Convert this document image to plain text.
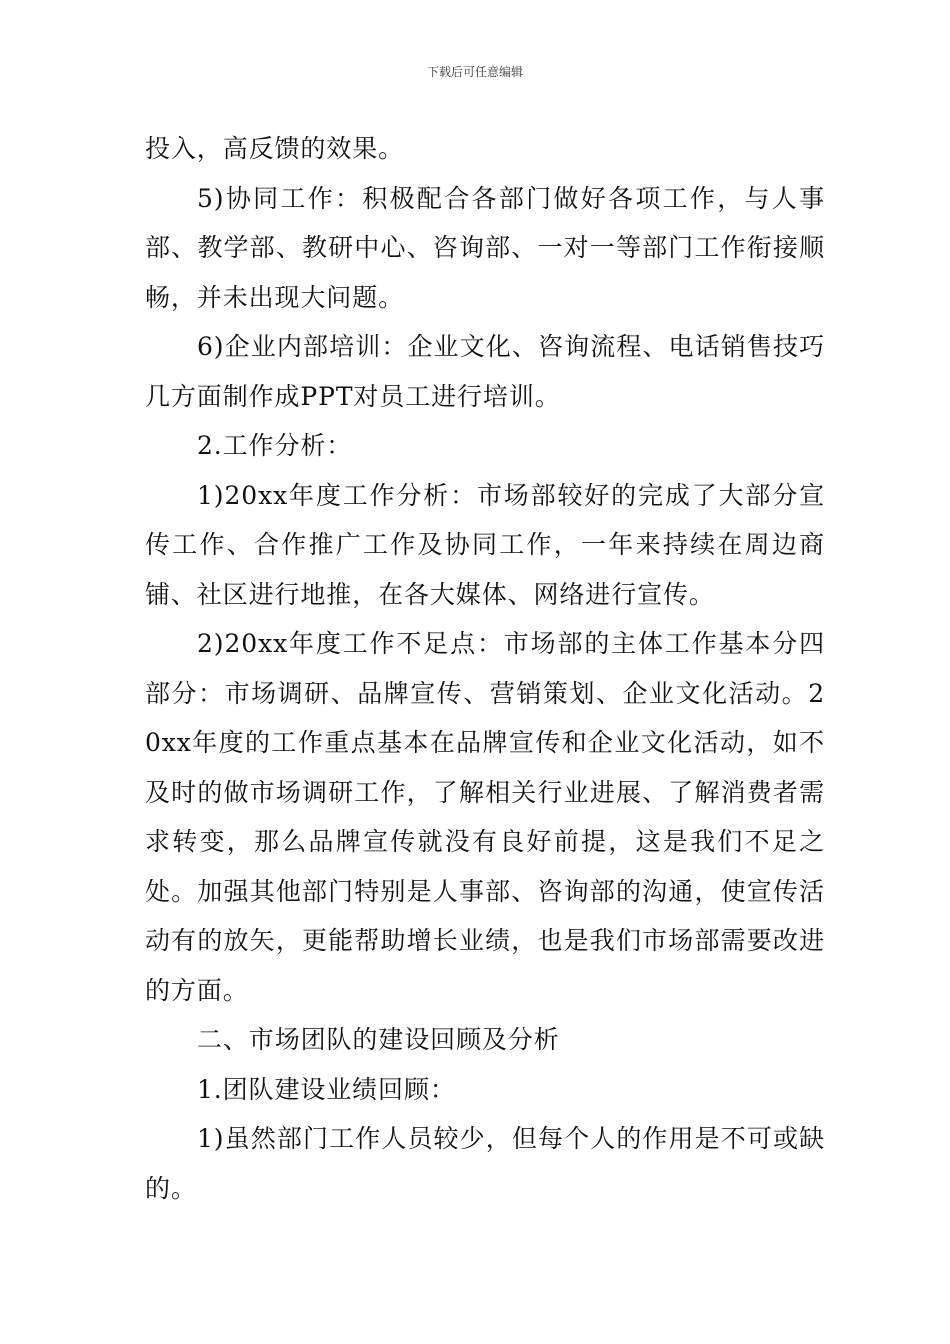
下载后可任意编辑

投入，高反馈的效果。

5)协同工作：积极配合各部门做好各项工作，与人事部、教学部、教研中心、咨询部、一对一等部门工作衔接顺畅，并未出现大问题。

6)企业内部培训：企业文化、咨询流程、电话销售技巧几方面制作成PPT对员工进行培训。

2.工作分析：

1)20xx年度工作分析：市场部较好的完成了大部分宣传工作、合作推广工作及协同工作，一年来持续在周边商铺、社区进行地推，在各大媒体、网络进行宣传。

2)20xx年度工作不足点：市场部的主体工作基本分四部分：市场调研、品牌宣传、营销策划、企业文化活动。20xx年度的工作重点基本在品牌宣传和企业文化活动，如不及时的做市场调研工作，了解相关行业进展、了解消费者需求转变，那么品牌宣传就没有良好前提，这是我们不足之处。加强其他部门特别是人事部、咨询部的沟通，使宣传活动有的放矢，更能帮助增长业绩，也是我们市场部需要改进的方面。

二、市场团队的建设回顾及分析

1.团队建设业绩回顾：

1)虽然部门工作人员较少，但每个人的作用是不可或缺的。
